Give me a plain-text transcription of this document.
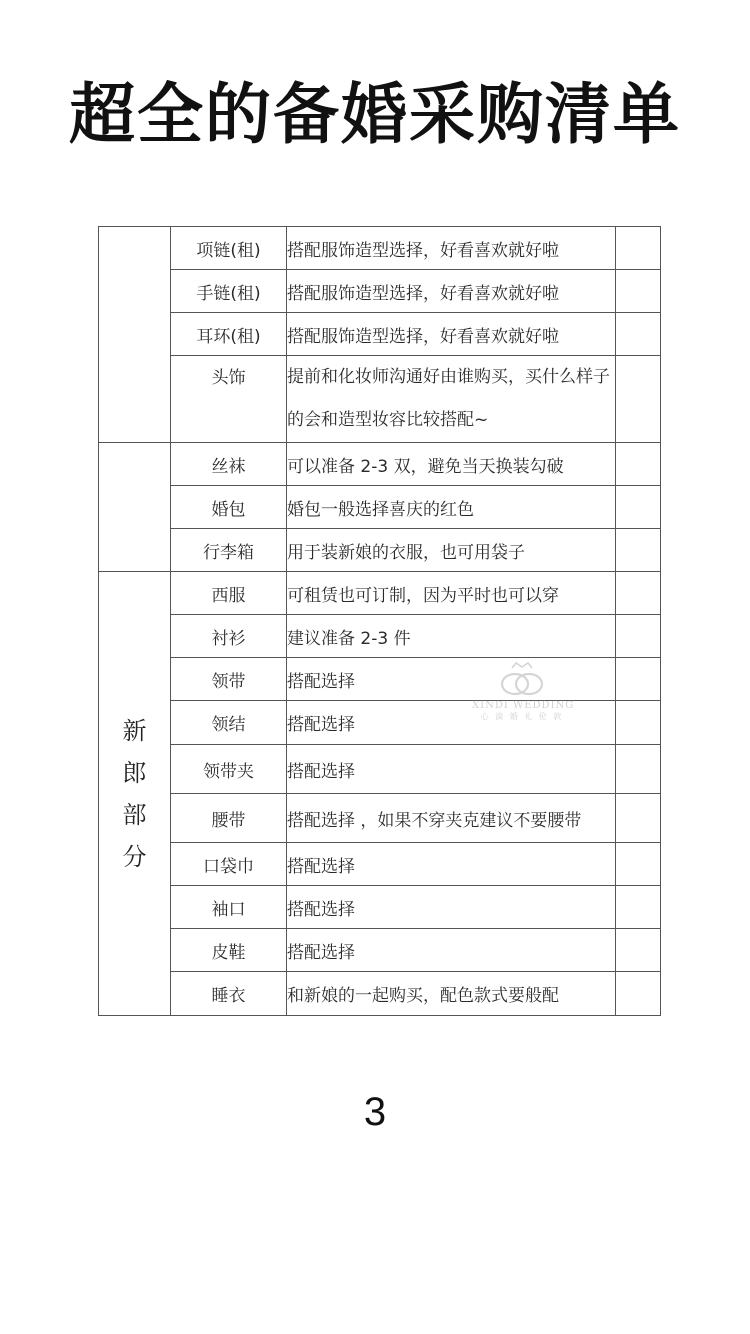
超全的备婚采购清单
	项链(租)	搭配服饰造型选择，好看喜欢就好啦	
	手链(租)	搭配服饰造型选择，好看喜欢就好啦	
	耳环(租)	搭配服饰造型选择，好看喜欢就好啦	
	头饰	提前和化妆师沟通好由谁购买，买什么样子的会和造型妆容比较搭配~	
	丝袜	可以准备 2-3 双，避免当天换装勾破	
	婚包	婚包一般选择喜庆的红色	
	行李箱	用于装新娘的衣服，也可用袋子	
新郎部分	西服	可租赁也可订制，因为平时也可以穿	
	衬衫	建议准备 2-3 件	
	领带	搭配选择	
	领结	搭配选择	
	领带夹	搭配选择	
	腰带	搭配选择 ，如果不穿夹克建议不要腰带	
	口袋巾	搭配选择	
	袖口	搭配选择	
	皮鞋	搭配选择	
	睡衣	和新娘的一起购买，配色款式要般配	
XINDI WEDDING
心 滴 婚 礼 伦 敦
3
